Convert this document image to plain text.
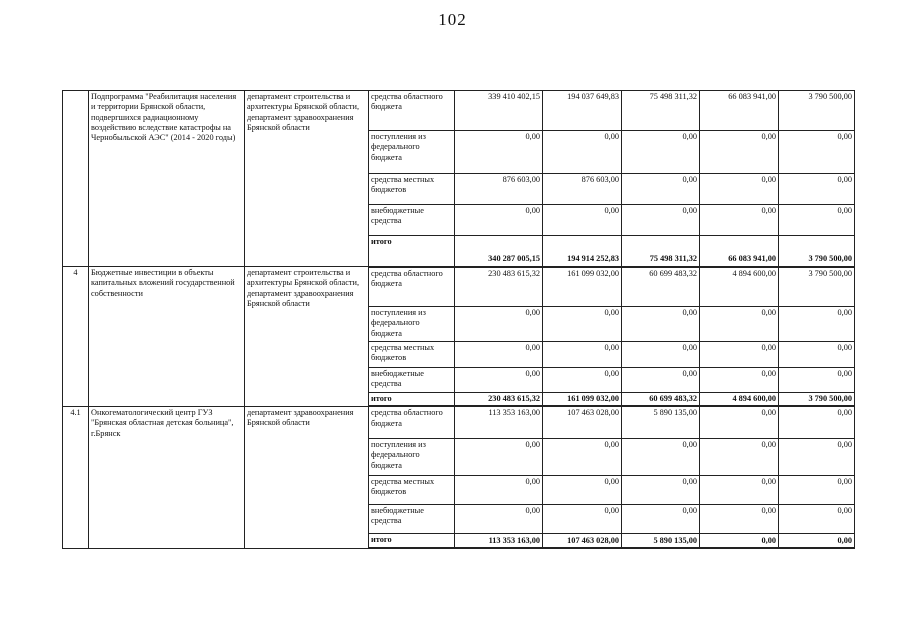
102
	Подпрограмма "Реабилитация населения и территории Брянской области, подвергшихся радиационному воздействию вследствие катастрофы на Чернобыльской АЭС" (2014 - 2020 годы)	департамент строительства и архитектуры Брянской области, департамент здравоохранения Брянской области	средства областного бюджета	339 410 402,15	194 037 649,83	75 498 311,32	66 083 941,00	3 790 500,00
			поступления из федерального бюджета	0,00	0,00	0,00	0,00	0,00
			средства местных бюджетов	876 603,00	876 603,00	0,00	0,00	0,00
			внебюджетные средства	0,00	0,00	0,00	0,00	0,00
			итого	340 287 005,15	194 914 252,83	75 498 311,32	66 083 941,00	3 790 500,00
4	Бюджетные инвестиции в объекты капитальных вложений государственной собственности	департамент строительства и архитектуры Брянской области, департамент здравоохранения Брянской области	средства областного бюджета	230 483 615,32	161 099 032,00	60 699 483,32	4 894 600,00	3 790 500,00
			поступления из федерального бюджета	0,00	0,00	0,00	0,00	0,00
			средства местных бюджетов	0,00	0,00	0,00	0,00	0,00
			внебюджетные средства	0,00	0,00	0,00	0,00	0,00
			итого	230 483 615,32	161 099 032,00	60 699 483,32	4 894 600,00	3 790 500,00
4.1	Онкогематологический центр ГУЗ "Брянская областная детская больница", г.Брянск	департамент здравоохранения Брянской области	средства областного бюджета	113 353 163,00	107 463 028,00	5 890 135,00	0,00	0,00
			поступления из федерального бюджета	0,00	0,00	0,00	0,00	0,00
			средства местных бюджетов	0,00	0,00	0,00	0,00	0,00
			внебюджетные средства	0,00	0,00	0,00	0,00	0,00
			итого	113 353 163,00	107 463 028,00	5 890 135,00	0,00	0,00
